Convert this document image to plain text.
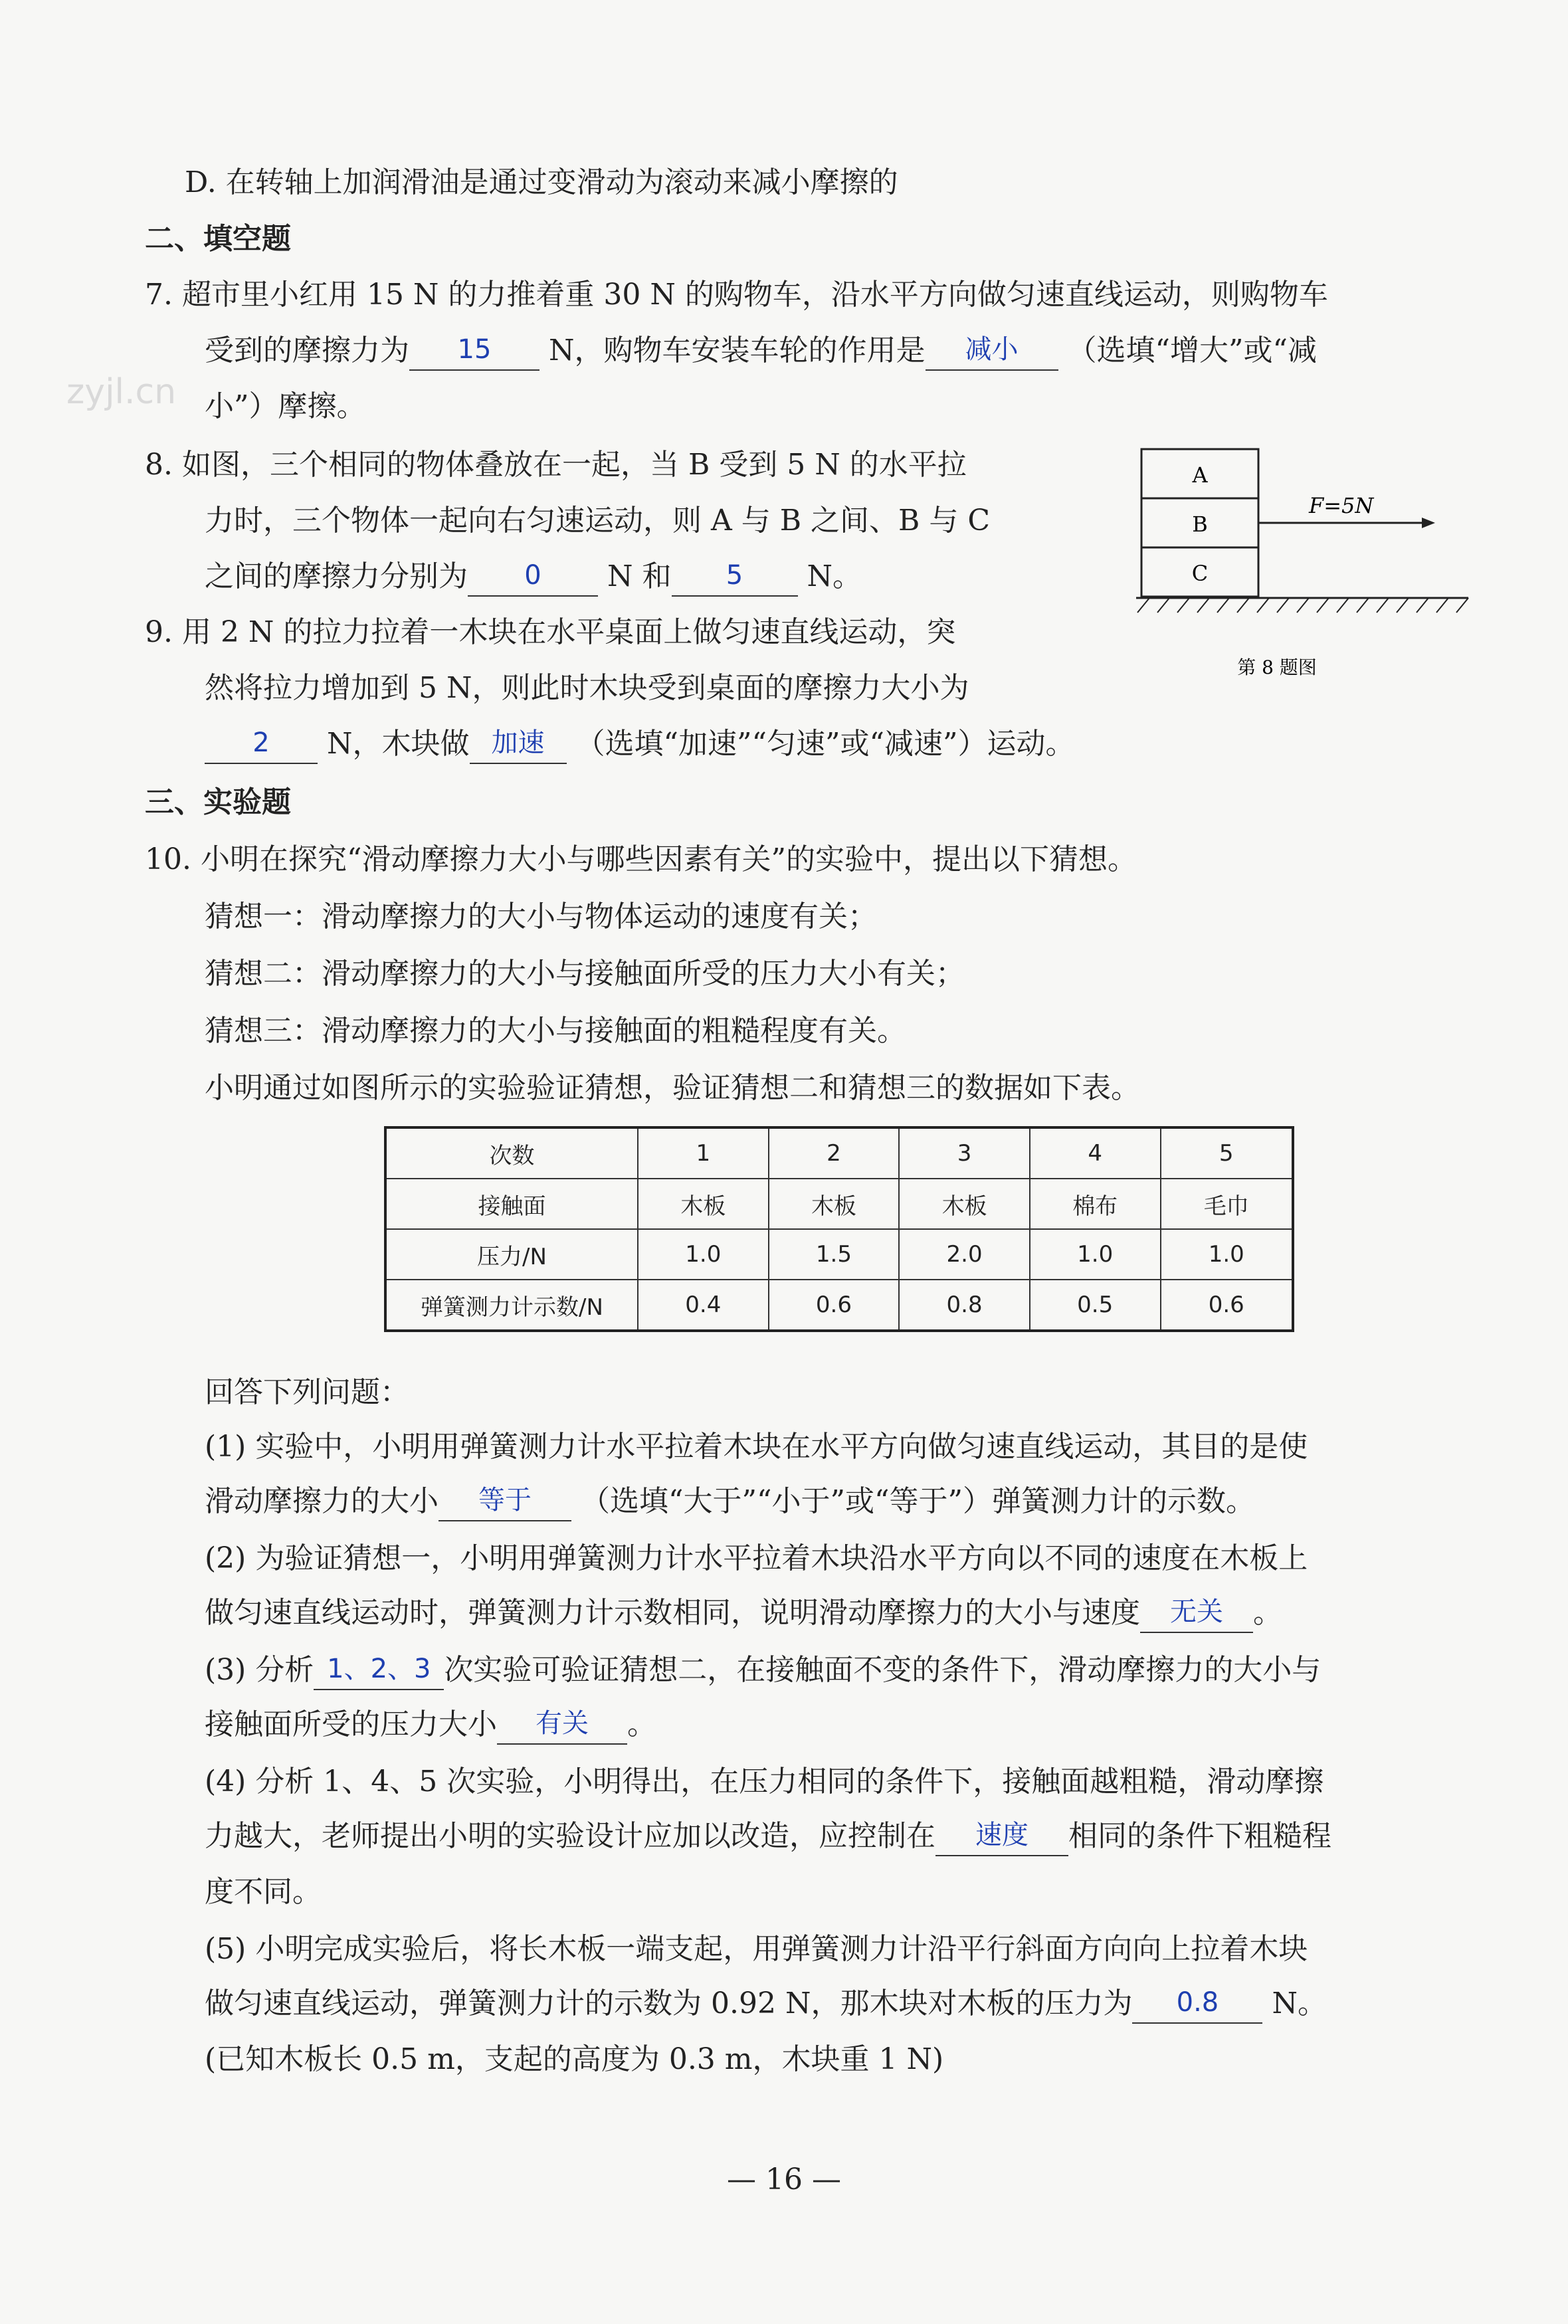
zyjl.cn
D. 在转轴上加润滑油是通过变滑动为滚动来减小摩擦的
二、填空题
7. 超市里小红用 15 N 的力推着重 30 N 的购物车，沿水平方向做匀速直线运动，则购物车
受到的摩擦力为	15	N，购物车安装车轮的作用是	减小	（选填“增大”或“减
小”）摩擦。
8. 如图，三个相同的物体叠放在一起，当 B 受到 5 N 的水平拉
力时，三个物体一起向右匀速运动，则 A 与 B 之间、B 与 C
之间的摩擦力分别为	0	N 和	5	N。
A
B
C
F=5N
第 8 题图
9. 用 2 N 的拉力拉着一木块在水平桌面上做匀速直线运动，突
然将拉力增加到 5 N，则此时木块受到桌面的摩擦力大小为
2	N，木块做 加速	（选填“加速”“匀速”或“减速”）运动。
三、实验题
10. 小明在探究“滑动摩擦力大小与哪些因素有关”的实验中，提出以下猜想。
猜想一：滑动摩擦力的大小与物体运动的速度有关；
猜想二：滑动摩擦力的大小与接触面所受的压力大小有关；
猜想三：滑动摩擦力的大小与接触面的粗糙程度有关。
小明通过如图所示的实验验证猜想，验证猜想二和猜想三的数据如下表。
次数	1	2	3	4	5
接触面	木板	木板	木板	棉布	毛巾
压力/N	1.0	1.5	2.0	1.0	1.0
弹簧测力计示数/N	0.4	0.6	0.8	0.5	0.6
回答下列问题：
(1) 实验中，小明用弹簧测力计水平拉着木块在水平方向做匀速直线运动，其目的是使
滑动摩擦力的大小	等于	（选填“大于”“小于”或“等于”）弹簧测力计的示数。
(2) 为验证猜想一，小明用弹簧测力计水平拉着木块沿水平方向以不同的速度在木板上
做匀速直线运动时，弹簧测力计示数相同，说明滑动摩擦力的大小与速度	无关	。
(3) 分析 1、2、3 次实验可验证猜想二，在接触面不变的条件下，滑动摩擦力的大小与
接触面所受的压力大小	有关	。
(4) 分析 1、4、5 次实验，小明得出，在压力相同的条件下，接触面越粗糙，滑动摩擦
力越大，老师提出小明的实验设计应加以改造，应控制在	速度	相同的条件下粗糙程
度不同。
(5) 小明完成实验后，将长木板一端支起，用弹簧测力计沿平行斜面方向向上拉着木块
做匀速直线运动，弹簧测力计的示数为 0.92 N，那木块对木板的压力为	0.8	N。
(已知木板长 0.5 m，支起的高度为 0.3 m，木块重 1 N)
— 16 —
